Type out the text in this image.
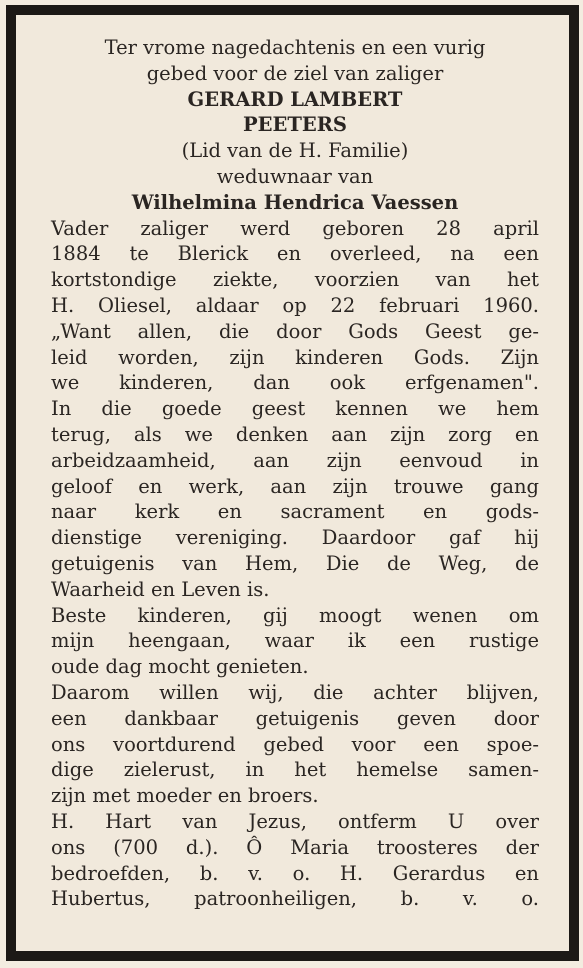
Ter vrome nagedachtenis en een vurig
gebed voor de ziel van zaliger
GERARD LAMBERT
PEETERS
(Lid van de H. Familie)
weduwnaar van
Wilhelmina Hendrica Vaessen
Vader zaliger werd geboren 28 april
1884 te Blerick en overleed, na een
kortstondige ziekte, voorzien van het
H. Oliesel, aldaar op 22 februari 1960.
„Want allen, die door Gods Geest ge-
leid worden, zijn kinderen Gods. Zijn
we kinderen, dan ook erfgenamen".
In die goede geest kennen we hem
terug, als we denken aan zijn zorg en
arbeidzaamheid, aan zijn eenvoud in
geloof en werk, aan zijn trouwe gang
naar kerk en sacrament en gods-
dienstige vereniging. Daardoor gaf hij
getuigenis van Hem, Die de Weg, de
Waarheid en Leven is.
Beste kinderen, gij moogt wenen om
mijn heengaan, waar ik een rustige
oude dag mocht genieten.
Daarom willen wij, die achter blijven,
een dankbaar getuigenis geven door
ons voortdurend gebed voor een spoe-
dige zielerust, in het hemelse samen-
zijn met moeder en broers.
H. Hart van Jezus, ontferm U over
ons (700 d.). Ô Maria troosteres der
bedroefden, b. v. o. H. Gerardus en
Hubertus, patroonheiligen, b. v. o.
